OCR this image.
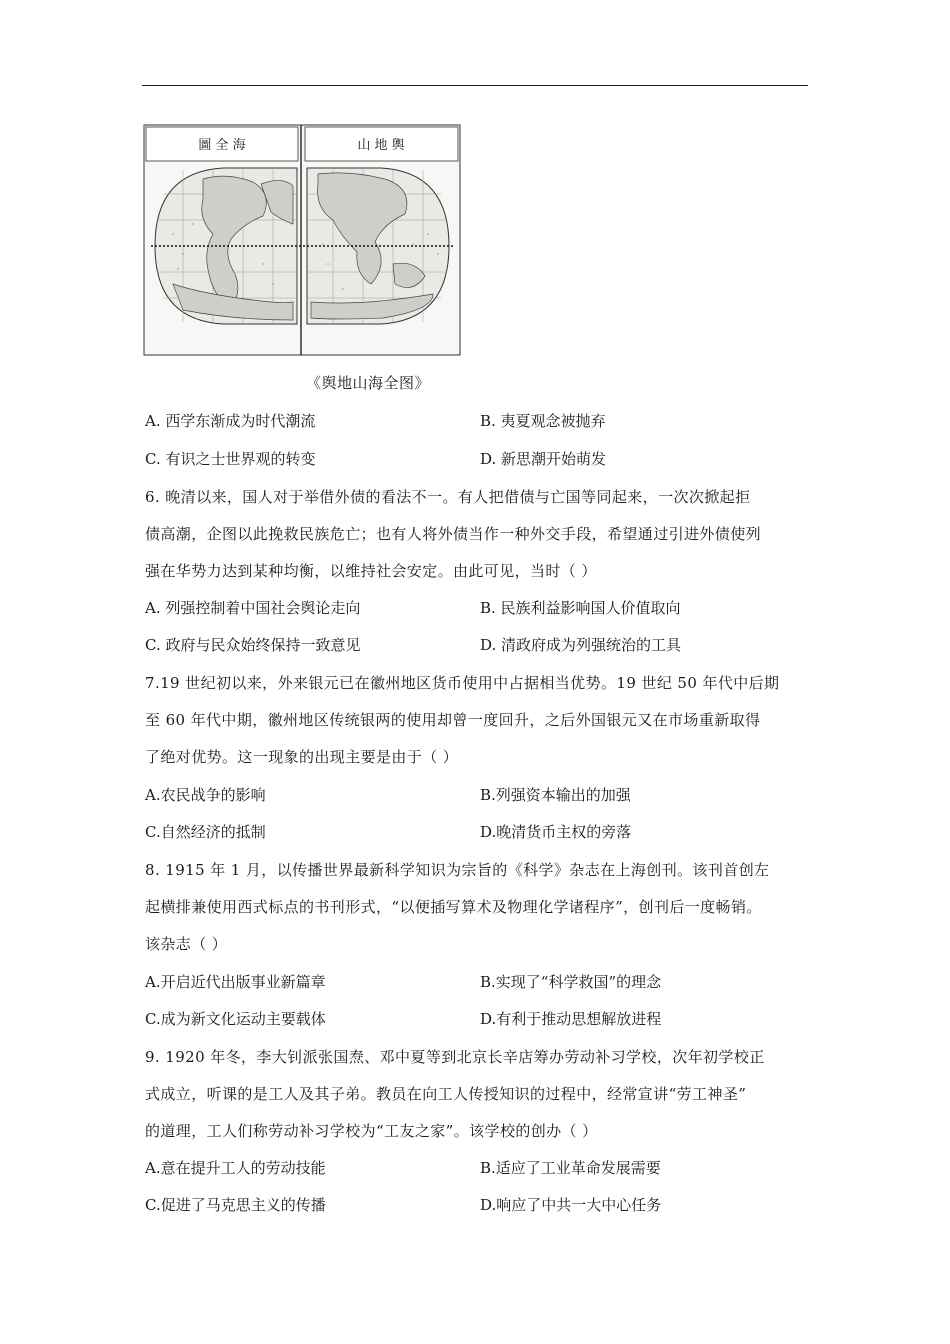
圖 全 海	山 地 輿
《舆地山海全图》
A. 西学东渐成为时代潮流	B. 夷夏观念被抛弃
C. 有识之士世界观的转变	D. 新思潮开始萌发
6. 晚清以来，国人对于举借外债的看法不一。有人把借债与亡国等同起来，一次次掀起拒
债高潮，企图以此挽救民族危亡；也有人将外债当作一种外交手段，希望通过引进外债使列
强在华势力达到某种均衡，以维持社会安定。由此可见，当时（ ）
A. 列强控制着中国社会舆论走向	B. 民族利益影响国人价值取向
C. 政府与民众始终保持一致意见	D. 清政府成为列强统治的工具
7.19 世纪初以来，外来银元已在徽州地区货币使用中占据相当优势。19 世纪 50 年代中后期
至 60 年代中期，徽州地区传统银两的使用却曾一度回升，之后外国银元又在市场重新取得
了绝对优势。这一现象的出现主要是由于（ ）
A.农民战争的影响	B.列强资本输出的加强
C.自然经济的抵制	D.晚清货币主权的旁落
8. 1915 年 1 月，以传播世界最新科学知识为宗旨的《科学》杂志在上海创刊。该刊首创左
起横排兼使用西式标点的书刊形式，“以便插写算术及物理化学诸程序”，创刊后一度畅销。
该杂志（ ）
A.开启近代出版事业新篇章	B.实现了“科学救国”的理念
C.成为新文化运动主要载体	D.有利于推动思想解放进程
9. 1920 年冬，李大钊派张国焘、邓中夏等到北京长辛店筹办劳动补习学校，次年初学校正
式成立，听课的是工人及其子弟。教员在向工人传授知识的过程中，经常宣讲“劳工神圣”
的道理，工人们称劳动补习学校为“工友之家”。该学校的创办（ ）
A.意在提升工人的劳动技能	B.适应了工业革命发展需要
C.促进了马克思主义的传播	D.响应了中共一大中心任务
